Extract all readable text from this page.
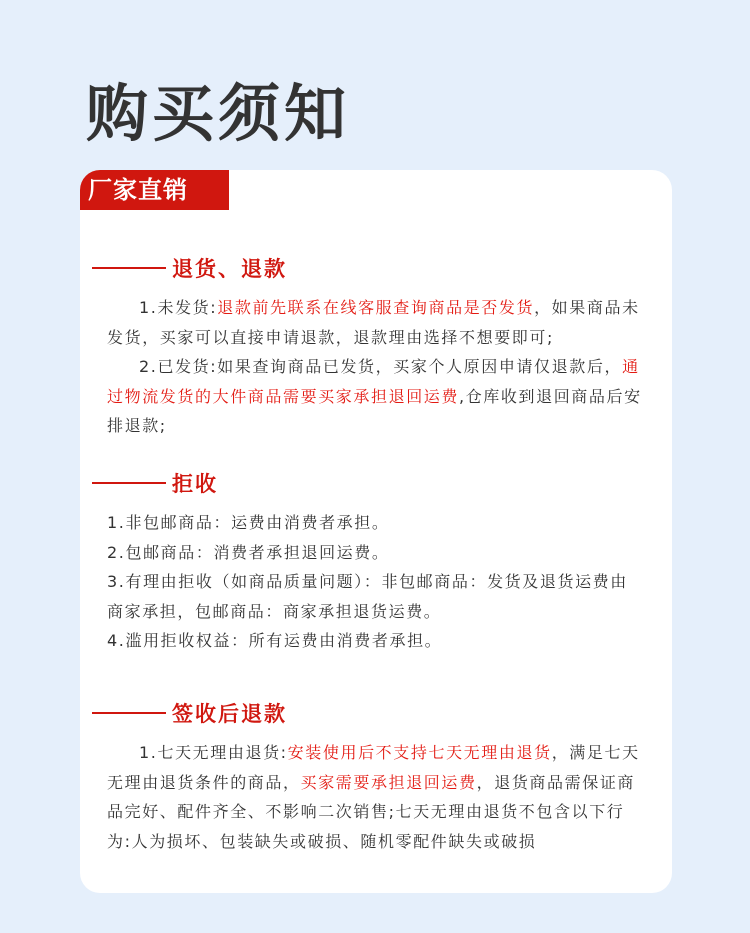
购买须知
厂家直销
退货、退款
1.未发货:退款前先联系在线客服查询商品是否发货，如果商品未发货，买家可以直接申请退款，退款理由选择不想要即可;
2.已发货:如果查询商品已发货，买家个人原因申请仅退款后，通过物流发货的大件商品需要买家承担退回运费,仓库收到退回商品后安排退款;
拒收
1.非包邮商品：运费由消费者承担。
2.包邮商品：消费者承担退回运费。
3.有理由拒收（如商品质量问题）：非包邮商品：发货及退货运费由商家承担，包邮商品：商家承担退货运费。
4.滥用拒收权益：所有运费由消费者承担。
签收后退款
1.七天无理由退货:安装使用后不支持七天无理由退货，满足七天无理由退货条件的商品，买家需要承担退回运费，退货商品需保证商品完好、配件齐全、不影响二次销售;七天无理由退货不包含以下行为:人为损坏、包装缺失或破损、随机零配件缺失或破损
